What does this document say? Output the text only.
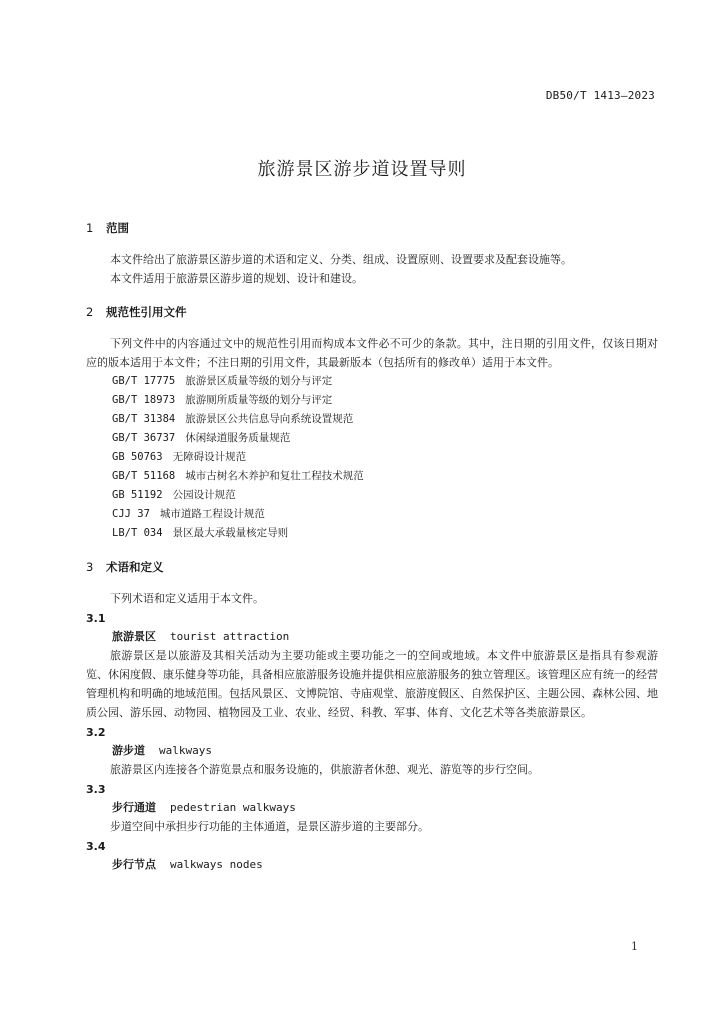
DB50/T 1413—2023
旅游景区游步道设置导则
1 范围
本文件给出了旅游景区游步道的术语和定义、分类、组成、设置原则、设置要求及配套设施等。
本文件适用于旅游景区游步道的规划、设计和建设。
2 规范性引用文件
下列文件中的内容通过文中的规范性引用而构成本文件必不可少的条款。其中，注日期的引用文件，仅该日期对应的版本适用于本文件；不注日期的引用文件，其最新版本（包括所有的修改单）适用于本文件。
GB/T 17775 旅游景区质量等级的划分与评定
GB/T 18973 旅游厕所质量等级的划分与评定
GB/T 31384 旅游景区公共信息导向系统设置规范
GB/T 36737 休闲绿道服务质量规范
GB 50763 无障碍设计规范
GB/T 51168 城市古树名木养护和复壮工程技术规范
GB 51192 公园设计规范
CJJ 37 城市道路工程设计规范
LB/T 034 景区最大承载量核定导则
3 术语和定义
下列术语和定义适用于本文件。
3.1
旅游景区 tourist attraction
旅游景区是以旅游及其相关活动为主要功能或主要功能之一的空间或地域。本文件中旅游景区是指具有参观游览、休闲度假、康乐健身等功能，具备相应旅游服务设施并提供相应旅游服务的独立管理区。该管理区应有统一的经营管理机构和明确的地域范围。包括风景区、文博院馆、寺庙观堂、旅游度假区、自然保护区、主题公园、森林公园、地质公园、游乐园、动物园、植物园及工业、农业、经贸、科教、军事、体育、文化艺术等各类旅游景区。
3.2
游步道 walkways
旅游景区内连接各个游览景点和服务设施的，供旅游者休憩、观光、游览等的步行空间。
3.3
步行通道 pedestrian walkways
步道空间中承担步行功能的主体通道，是景区游步道的主要部分。
3.4
步行节点 walkways nodes
1
